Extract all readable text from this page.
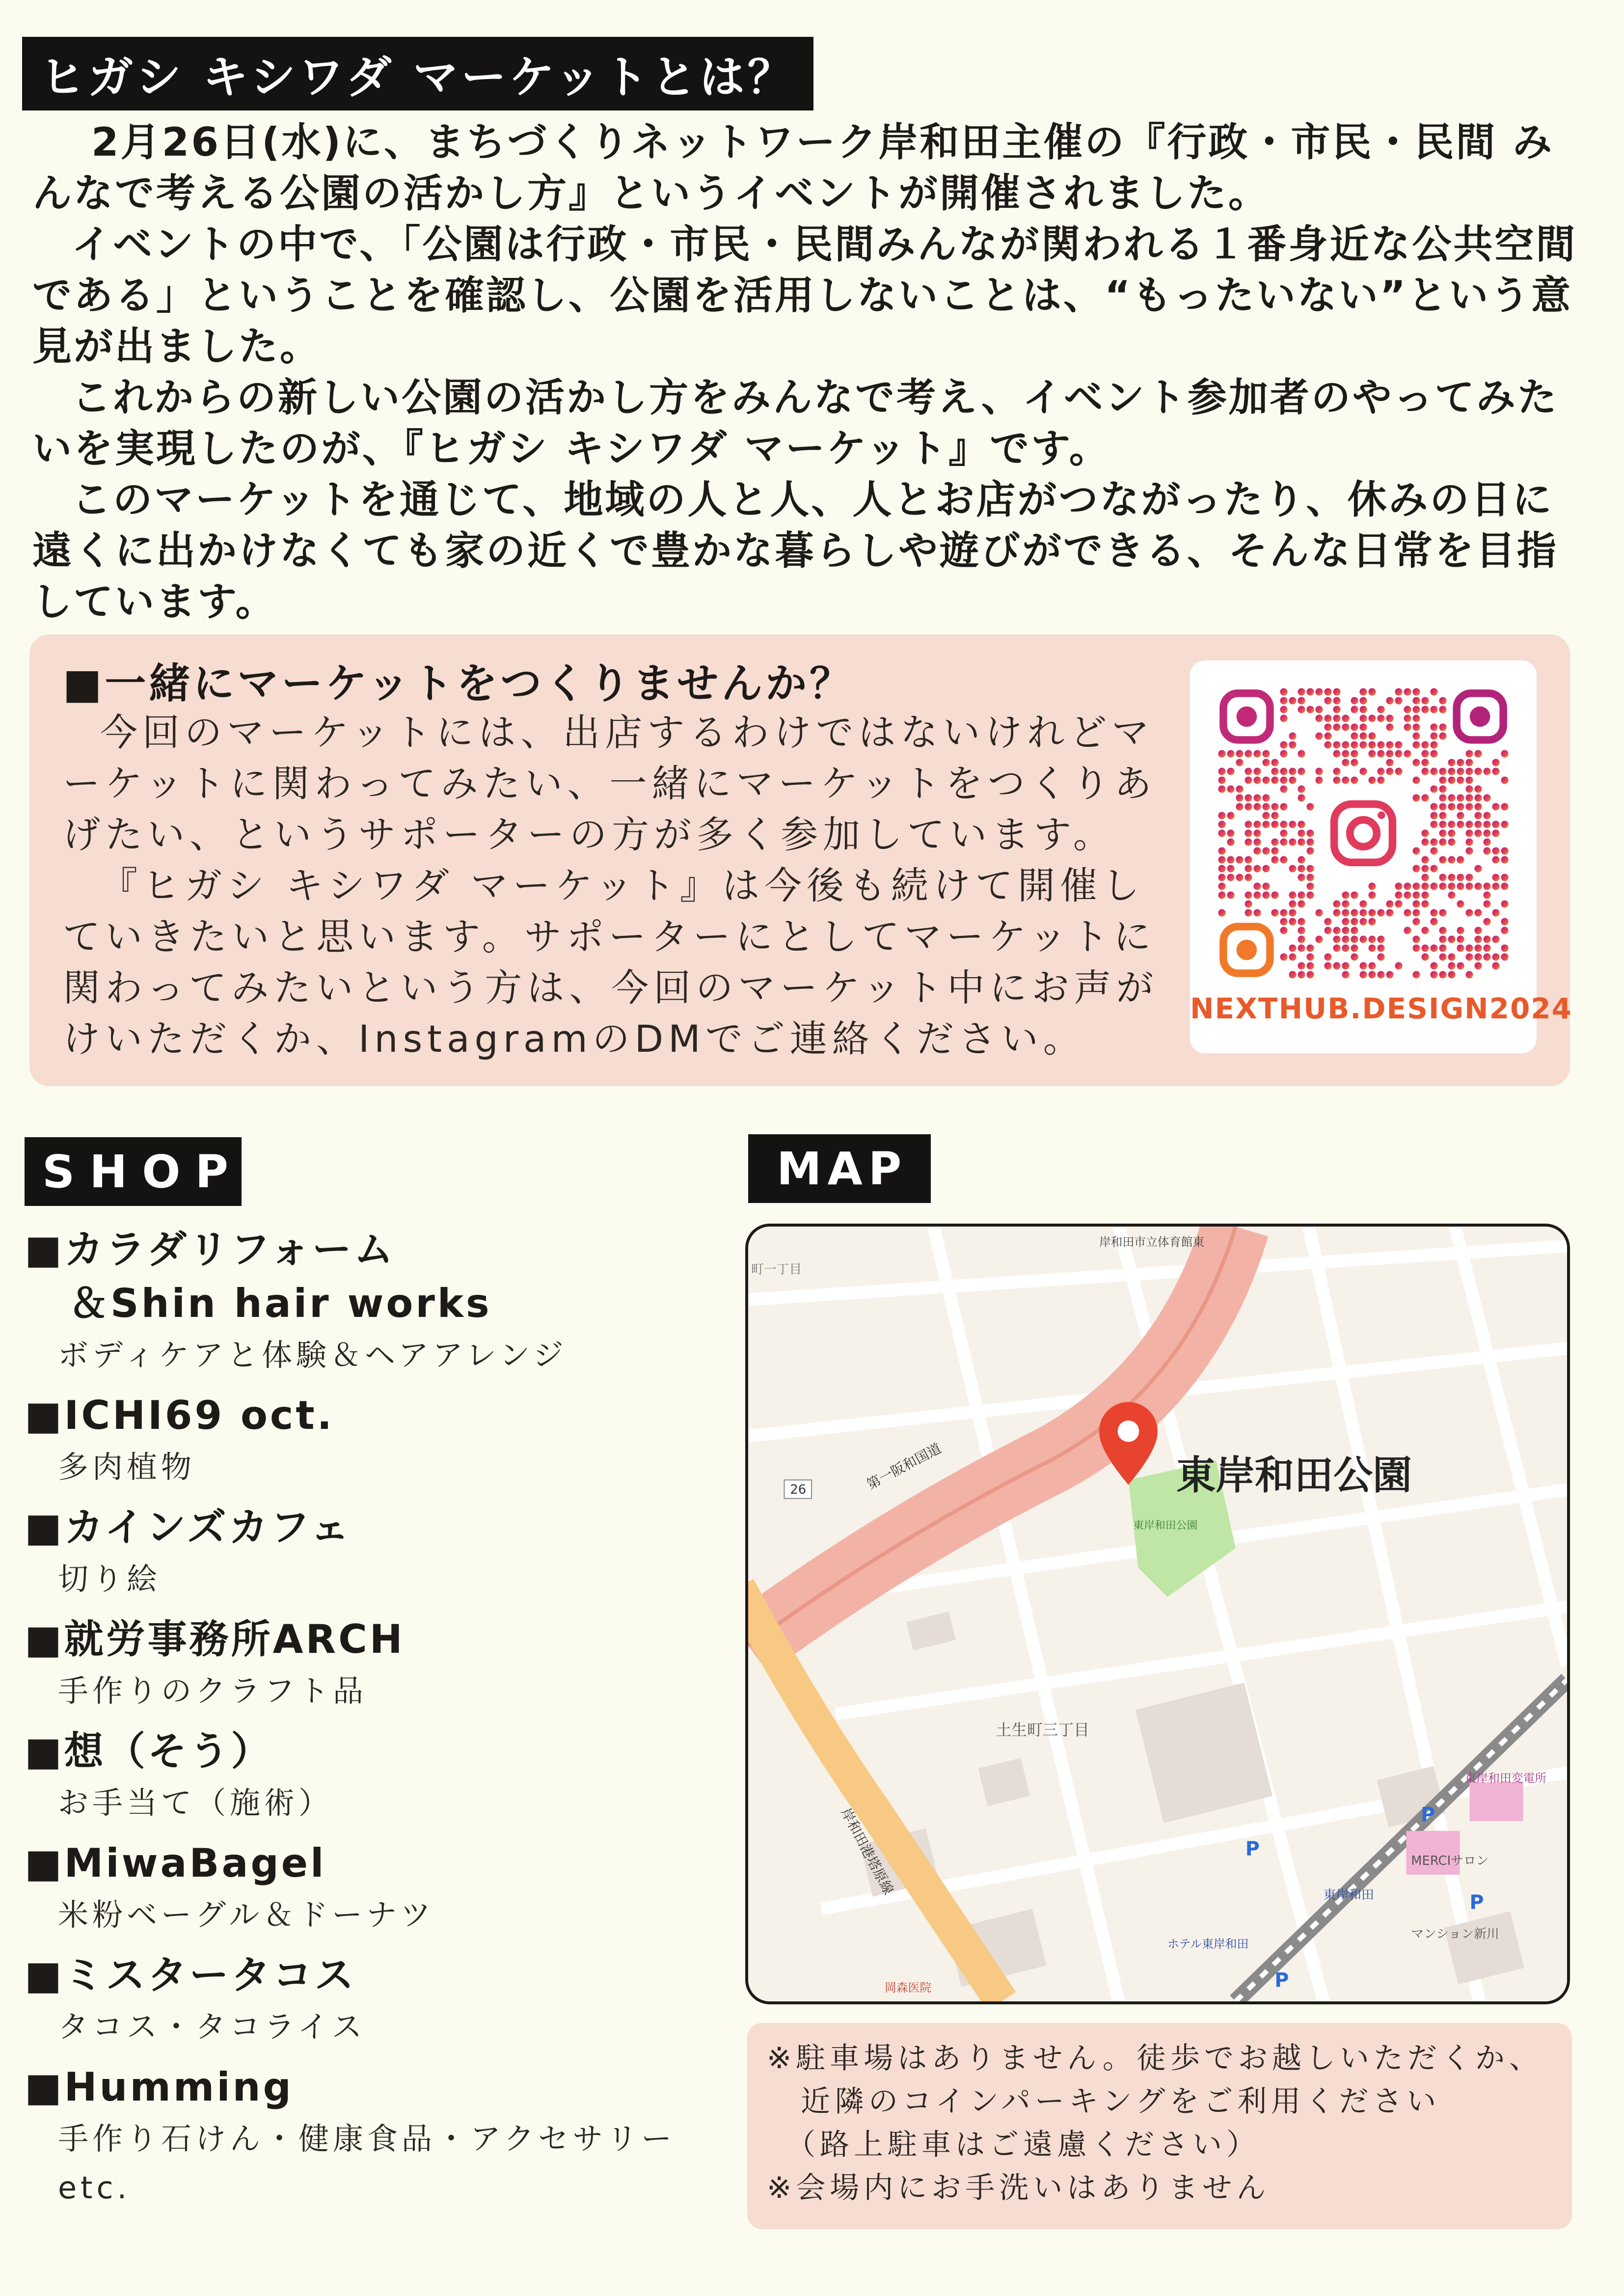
ヒガシ キシワダ マーケットとは？

2月26日(水)に、まちづくりネットワーク岸和田主催の『行政・市民・民間 みんなで考える公園の活かし方』というイベントが開催されました。

イベントの中で、「公園は行政・市民・民間みんなが関われる１番身近な公共空間である」ということを確認し、公園を活用しないことは、“もったいない”という意見が出ました。

これからの新しい公園の活かし方をみんなで考え、イベント参加者のやってみたいを実現したのが、『ヒガシ キシワダ マーケット』です。

このマーケットを通じて、地域の人と人、人とお店がつながったり、休みの日に遠くに出かけなくても家の近くで豊かな暮らしや遊びができる、そんな日常を目指しています。

■一緒にマーケットをつくりませんか？

今回のマーケットには、出店するわけではないけれどマーケットに関わってみたい、一緒にマーケットをつくりあげたい、というサポーターの方が多く参加しています。

『ヒガシ キシワダ マーケット』は今後も続けて開催していきたいと思います。サポーターにとしてマーケットに関わってみたいという方は、今回のマーケット中にお声がけいただくか、InstagramのDMでご連絡ください。

NEXTHUB.DESIGN2024
SHOP
■カラダリフォーム
＆Shin hair works
ボディケアと体験＆ヘアアレンジ
■ICHI69 oct.
多肉植物
■カインズカフェ
切り絵
■就労事務所ARCH
手作りのクラフト品
■想（そう）
お手当て（施術）
■MiwaBagel
米粉ベーグル＆ドーナツ
■ミスタータコス
タコス・タコライス
■Humming
手作り石けん・健康食品・アクセサリーetc.
MAP
第一阪和国道
26
岸和田港塔原線
土生町三丁目
町一丁目
岸和田市立体育館東
東岸和田公園
東岸和田
東岸和田変電所
MERCIサロン
マンション新川
ホテル東岸和田
岡森医院
P
P
P
P
東岸和田公園
※駐車場はありません。徒歩でお越しいただくか、
　近隣のコインパーキングをご利用ください
　（路上駐車はご遠慮ください）
※会場内にお手洗いはありません
